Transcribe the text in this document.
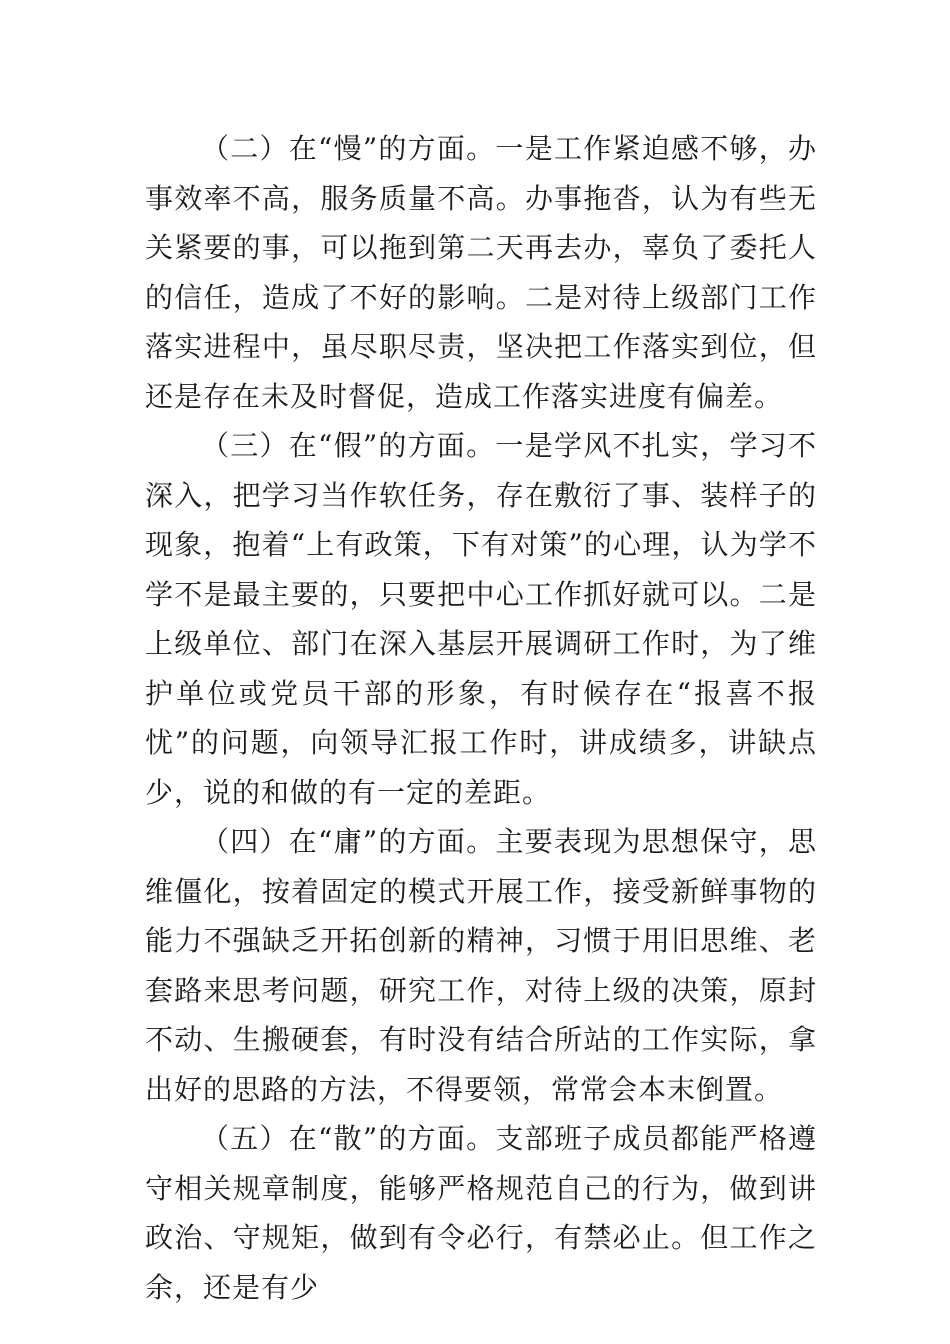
（二）在“慢”的方面。一是工作紧迫感不够，办事效率不高，服务质量不高。办事拖沓，认为有些无关紧要的事，可以拖到第二天再去办，辜负了委托人的信任，造成了不好的影响。二是对待上级部门工作落实进程中，虽尽职尽责，坚决把工作落实到位，但还是存在未及时督促，造成工作落实进度有偏差。

（三）在“假”的方面。一是学风不扎实，学习不深入，把学习当作软任务，存在敷衍了事、装样子的现象，抱着“上有政策，下有对策”的心理，认为学不学不是最主要的，只要把中心工作抓好就可以。二是上级单位、部门在深入基层开展调研工作时，为了维护单位或党员干部的形象，有时候存在“报喜不报忧”的问题，向领导汇报工作时，讲成绩多，讲缺点少，说的和做的有一定的差距。

（四）在“庸”的方面。主要表现为思想保守，思维僵化，按着固定的模式开展工作，接受新鲜事物的能力不强缺乏开拓创新的精神，习惯于用旧思维、老套路来思考问题，研究工作，对待上级的决策，原封不动、生搬硬套，有时没有结合所站的工作实际，拿出好的思路的方法，不得要领，常常会本末倒置。

（五）在“散”的方面。支部班子成员都能严格遵守相关规章制度，能够严格规范自己的行为，做到讲政治、守规矩，做到有令必行，有禁必止。但工作之余，还是有少
